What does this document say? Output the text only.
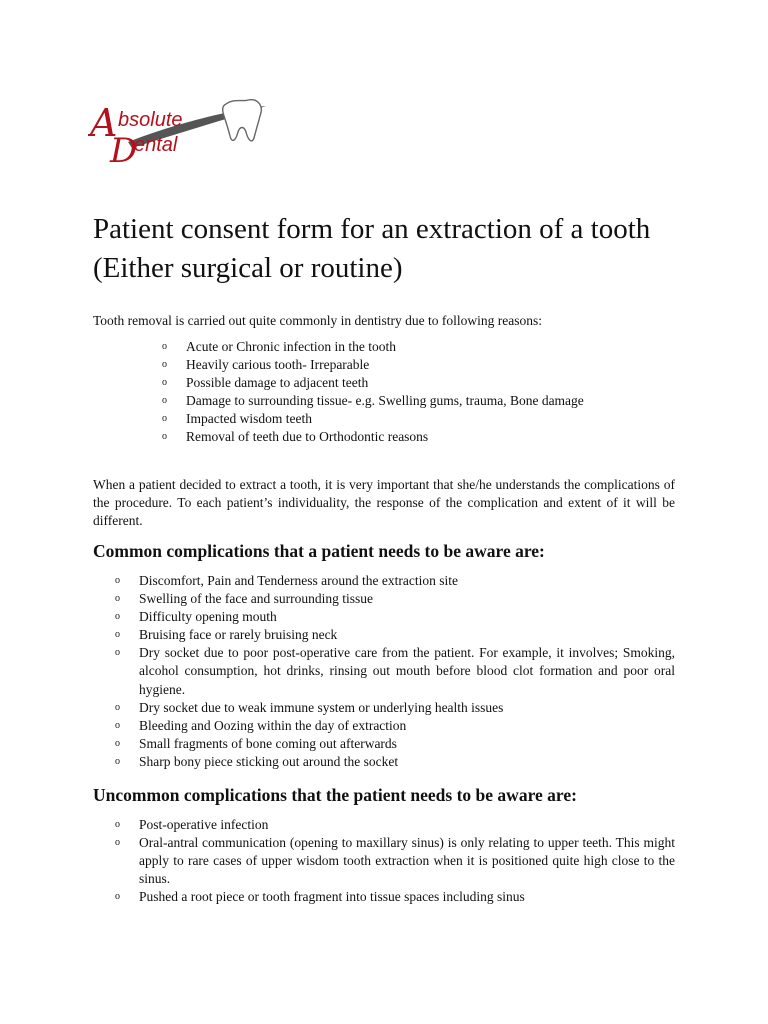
A
D
bsolute
ental
Patient consent form for an extraction of a tooth (Either surgical or routine)

Tooth removal is carried out quite commonly in dentistry due to following reasons:

o Acute or Chronic infection in the tooth
o Heavily carious tooth- Irreparable
o Possible damage to adjacent teeth
o Damage to surrounding tissue- e.g. Swelling gums, trauma, Bone damage
o Impacted wisdom teeth
o Removal of teeth due to Orthodontic reasons

When a patient decided to extract a tooth, it is very important that she/he understands the complications of the procedure. To each patient’s individuality, the response of the complication and extent of it will be different.

Common complications that a patient needs to be aware are:
o Discomfort, Pain and Tenderness around the extraction site
o Swelling of the face and surrounding tissue
o Difficulty opening mouth
o Bruising face or rarely bruising neck
o Dry socket due to poor post-operative care from the patient. For example, it involves; Smoking, alcohol consumption, hot drinks, rinsing out mouth before blood clot formation and poor oral hygiene.
o Dry socket due to weak immune system or underlying health issues
o Bleeding and Oozing within the day of extraction
o Small fragments of bone coming out afterwards
o Sharp bony piece sticking out around the socket
Uncommon complications that the patient needs to be aware are:
o Post-operative infection
o Oral-antral communication (opening to maxillary sinus) is only relating to upper teeth. This might apply to rare cases of upper wisdom tooth extraction when it is positioned quite high close to the sinus.
o Pushed a root piece or tooth fragment into tissue spaces including sinus
